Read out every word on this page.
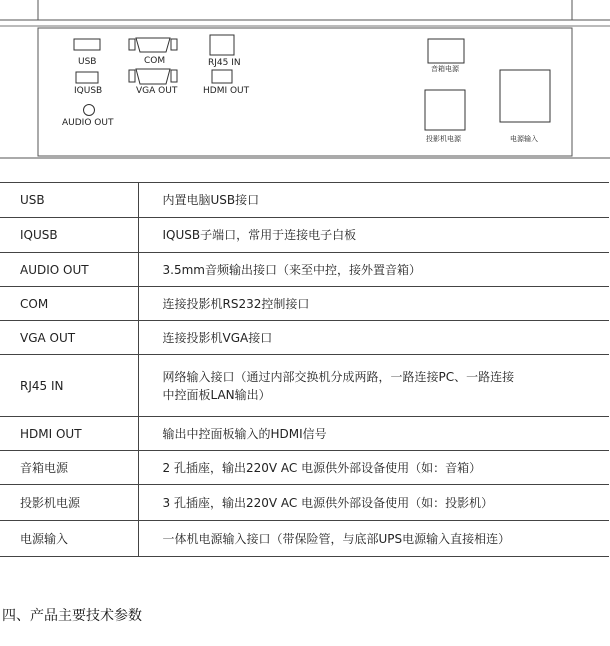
USB
IQUSB
AUDIO OUT
COM
VGA OUT
RJ45 IN
HDMI OUT
音箱电源
投影机电源	电源输入
USB	内置电脑USB接口
IQUSB	IQUSB子端口，常用于连接电子白板
AUDIO OUT	3.5mm音频输出接口（来至中控，接外置音箱）
COM	连接投影机RS232控制接口
VGA OUT	连接投影机VGA接口
RJ45 IN	网络输入接口（通过内部交换机分成两路，一路连接PC、一路连接
中控面板LAN输出）

HDMI OUT	输出中控面板输入的HDMI信号
音箱电源	2 孔插座，输出220V AC 电源供外部设备使用（如：音箱）
投影机电源	3 孔插座，输出220V AC 电源供外部设备使用（如：投影机）
电源输入	一体机电源输入接口（带保险管，与底部UPS电源输入直接相连）
四、产品主要技术参数
